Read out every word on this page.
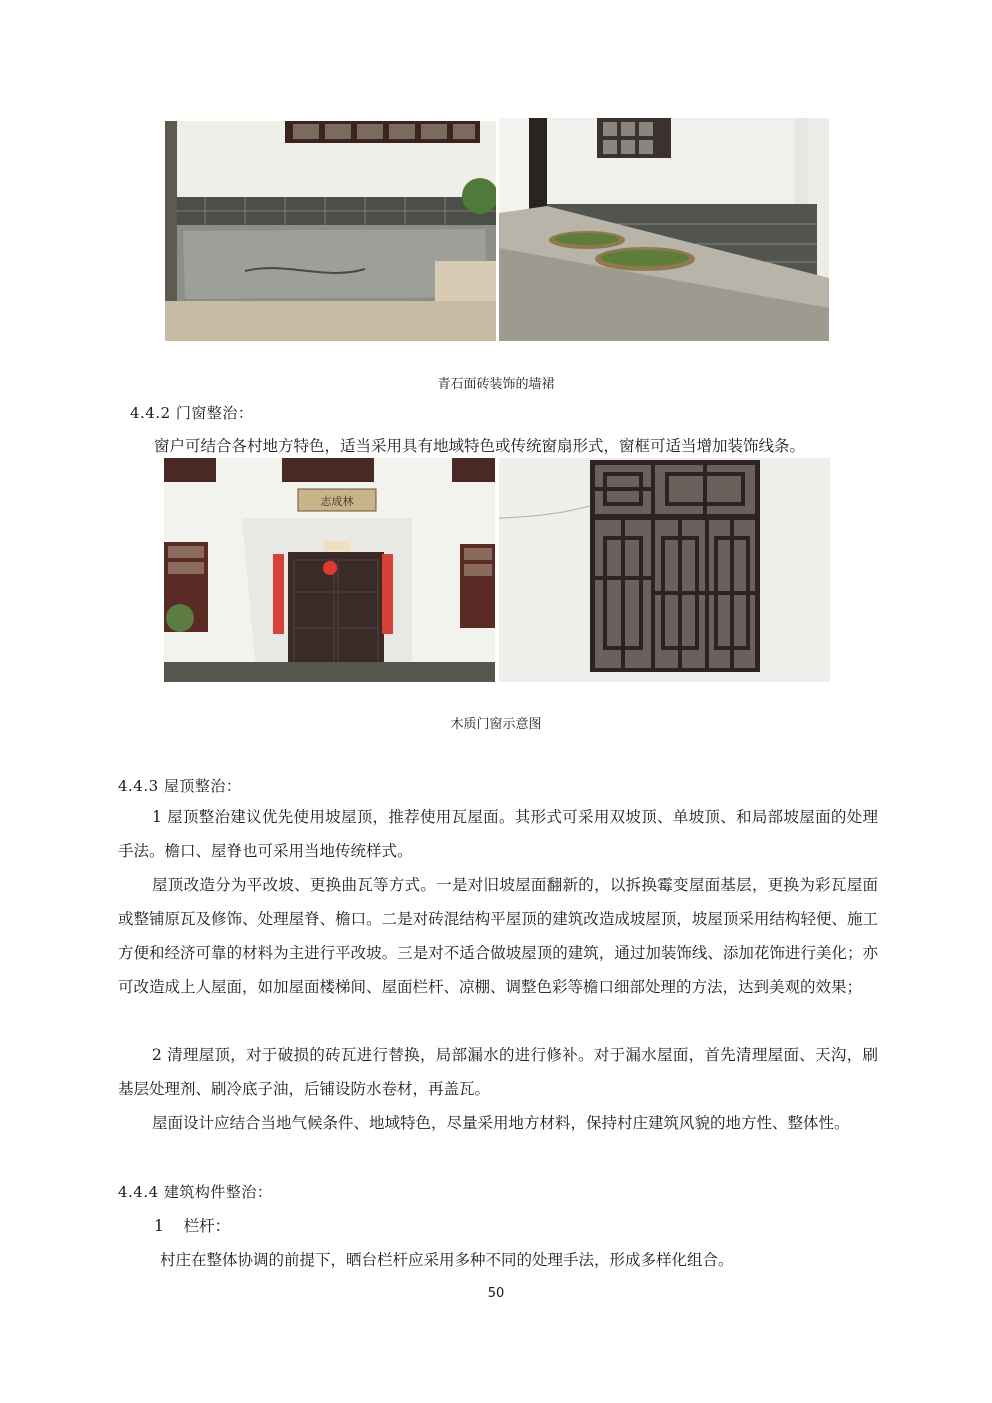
青石面砖装饰的墙裙
4.4.2 门窗整治：
窗户可结合各村地方特色，适当采用具有地域特色或传统窗扇形式，窗框可适当增加装饰线条。
志成林
木质门窗示意图
4.4.3 屋顶整治：
1 屋顶整治建议优先使用坡屋顶，推荐使用瓦屋面。其形式可采用双坡顶、单坡顶、和局部坡屋面的处理手法。檐口、屋脊也可采用当地传统样式。
屋顶改造分为平改坡、更换曲瓦等方式。一是对旧坡屋面翻新的，以拆换霉变屋面基层，更换为彩瓦屋面或整铺原瓦及修饰、处理屋脊、檐口。二是对砖混结构平屋顶的建筑改造成坡屋顶，坡屋顶采用结构轻便、施工方便和经济可靠的材料为主进行平改坡。三是对不适合做坡屋顶的建筑，通过加装饰线、添加花饰进行美化；亦可改造成上人屋面，如加屋面楼梯间、屋面栏杆、凉棚、调整色彩等檐口细部处理的方法，达到美观的效果；
2 清理屋顶，对于破损的砖瓦进行替换，局部漏水的进行修补。对于漏水屋面，首先清理屋面、天沟，刷基层处理剂、刷冷底子油，后铺设防水卷材，再盖瓦。
屋面设计应结合当地气候条件、地域特色，尽量采用地方材料，保持村庄建筑风貌的地方性、整体性。
4.4.4 建筑构件整治：
1    栏杆：
村庄在整体协调的前提下，晒台栏杆应采用多种不同的处理手法，形成多样化组合。
50
